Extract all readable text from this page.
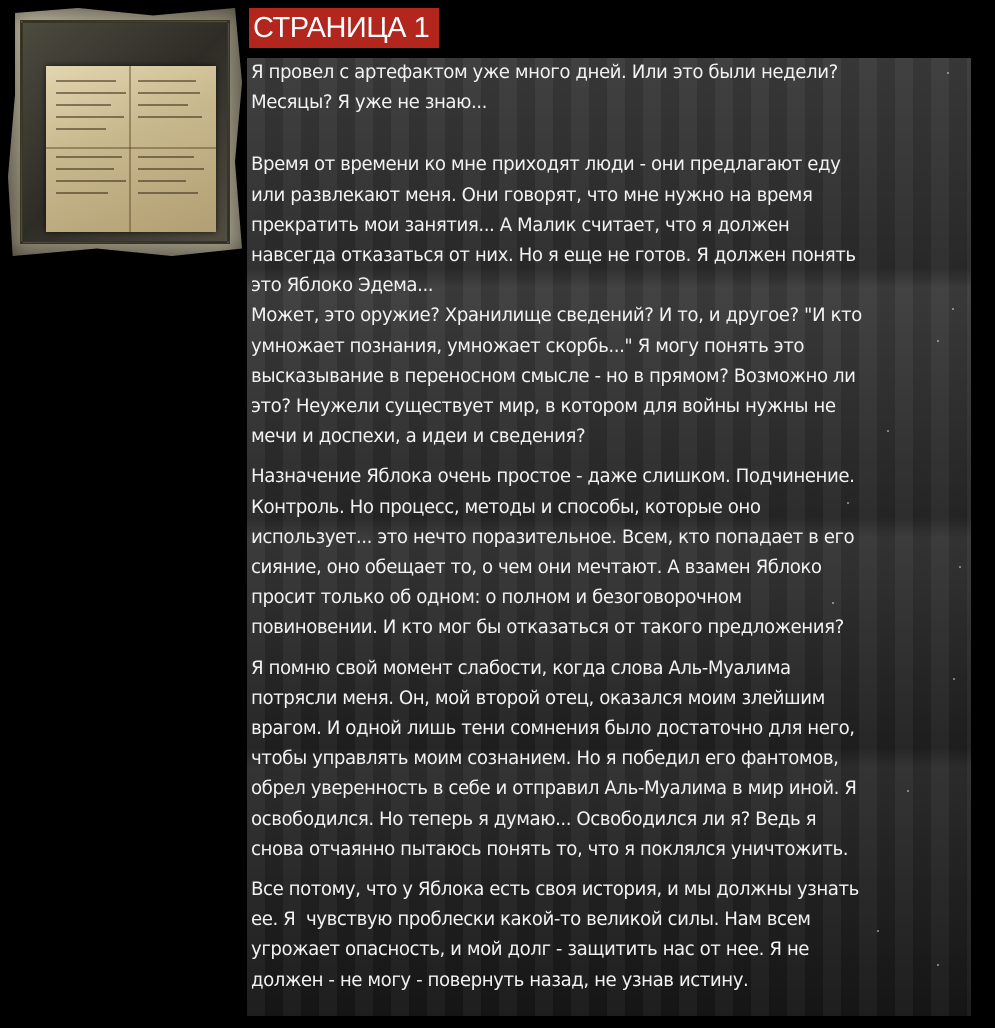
СТРАНИЦА 1

Я провел с артефактом уже много дней. Или это были недели?
Месяцы? Я уже не знаю...

Время от времени ко мне приходят люди - они предлагают еду
или развлекают меня. Они говорят, что мне нужно на время
прекратить мои занятия... А Малик считает, что я должен
навсегда отказаться от них. Но я еще не готов. Я должен понять
это Яблоко Эдема...
Может, это оружие? Хранилище сведений? И то, и другое? "И кто
умножает познания, умножает скорбь..." Я могу понять это
высказывание в переносном смысле - но в прямом? Возможно ли
это? Неужели существует мир, в котором для войны нужны не
мечи и доспехи, а идеи и сведения?

Назначение Яблока очень простое - даже слишком. Подчинение.
Контроль. Но процесс, методы и способы, которые оно
использует... это нечто поразительное. Всем, кто попадает в его
сияние, оно обещает то, о чем они мечтают. А взамен Яблоко
просит только об одном: о полном и безоговорочном
повиновении. И кто мог бы отказаться от такого предложения?

Я помню свой момент слабости, когда слова Аль-Муалима
потрясли меня. Он, мой второй отец, оказался моим злейшим
врагом. И одной лишь тени сомнения было достаточно для него,
чтобы управлять моим сознанием. Но я победил его фантомов,
обрел уверенность в себе и отправил Аль-Муалима в мир иной. Я
освободился. Но теперь я думаю... Освободился ли я? Ведь я
снова отчаянно пытаюсь понять то, что я поклялся уничтожить.

Все потому, что у Яблока есть своя история, и мы должны узнать
ее. Я  чувствую проблески какой-то великой силы. Нам всем
угрожает опасность, и мой долг - защитить нас от нее. Я не
должен - не могу - повернуть назад, не узнав истину.
